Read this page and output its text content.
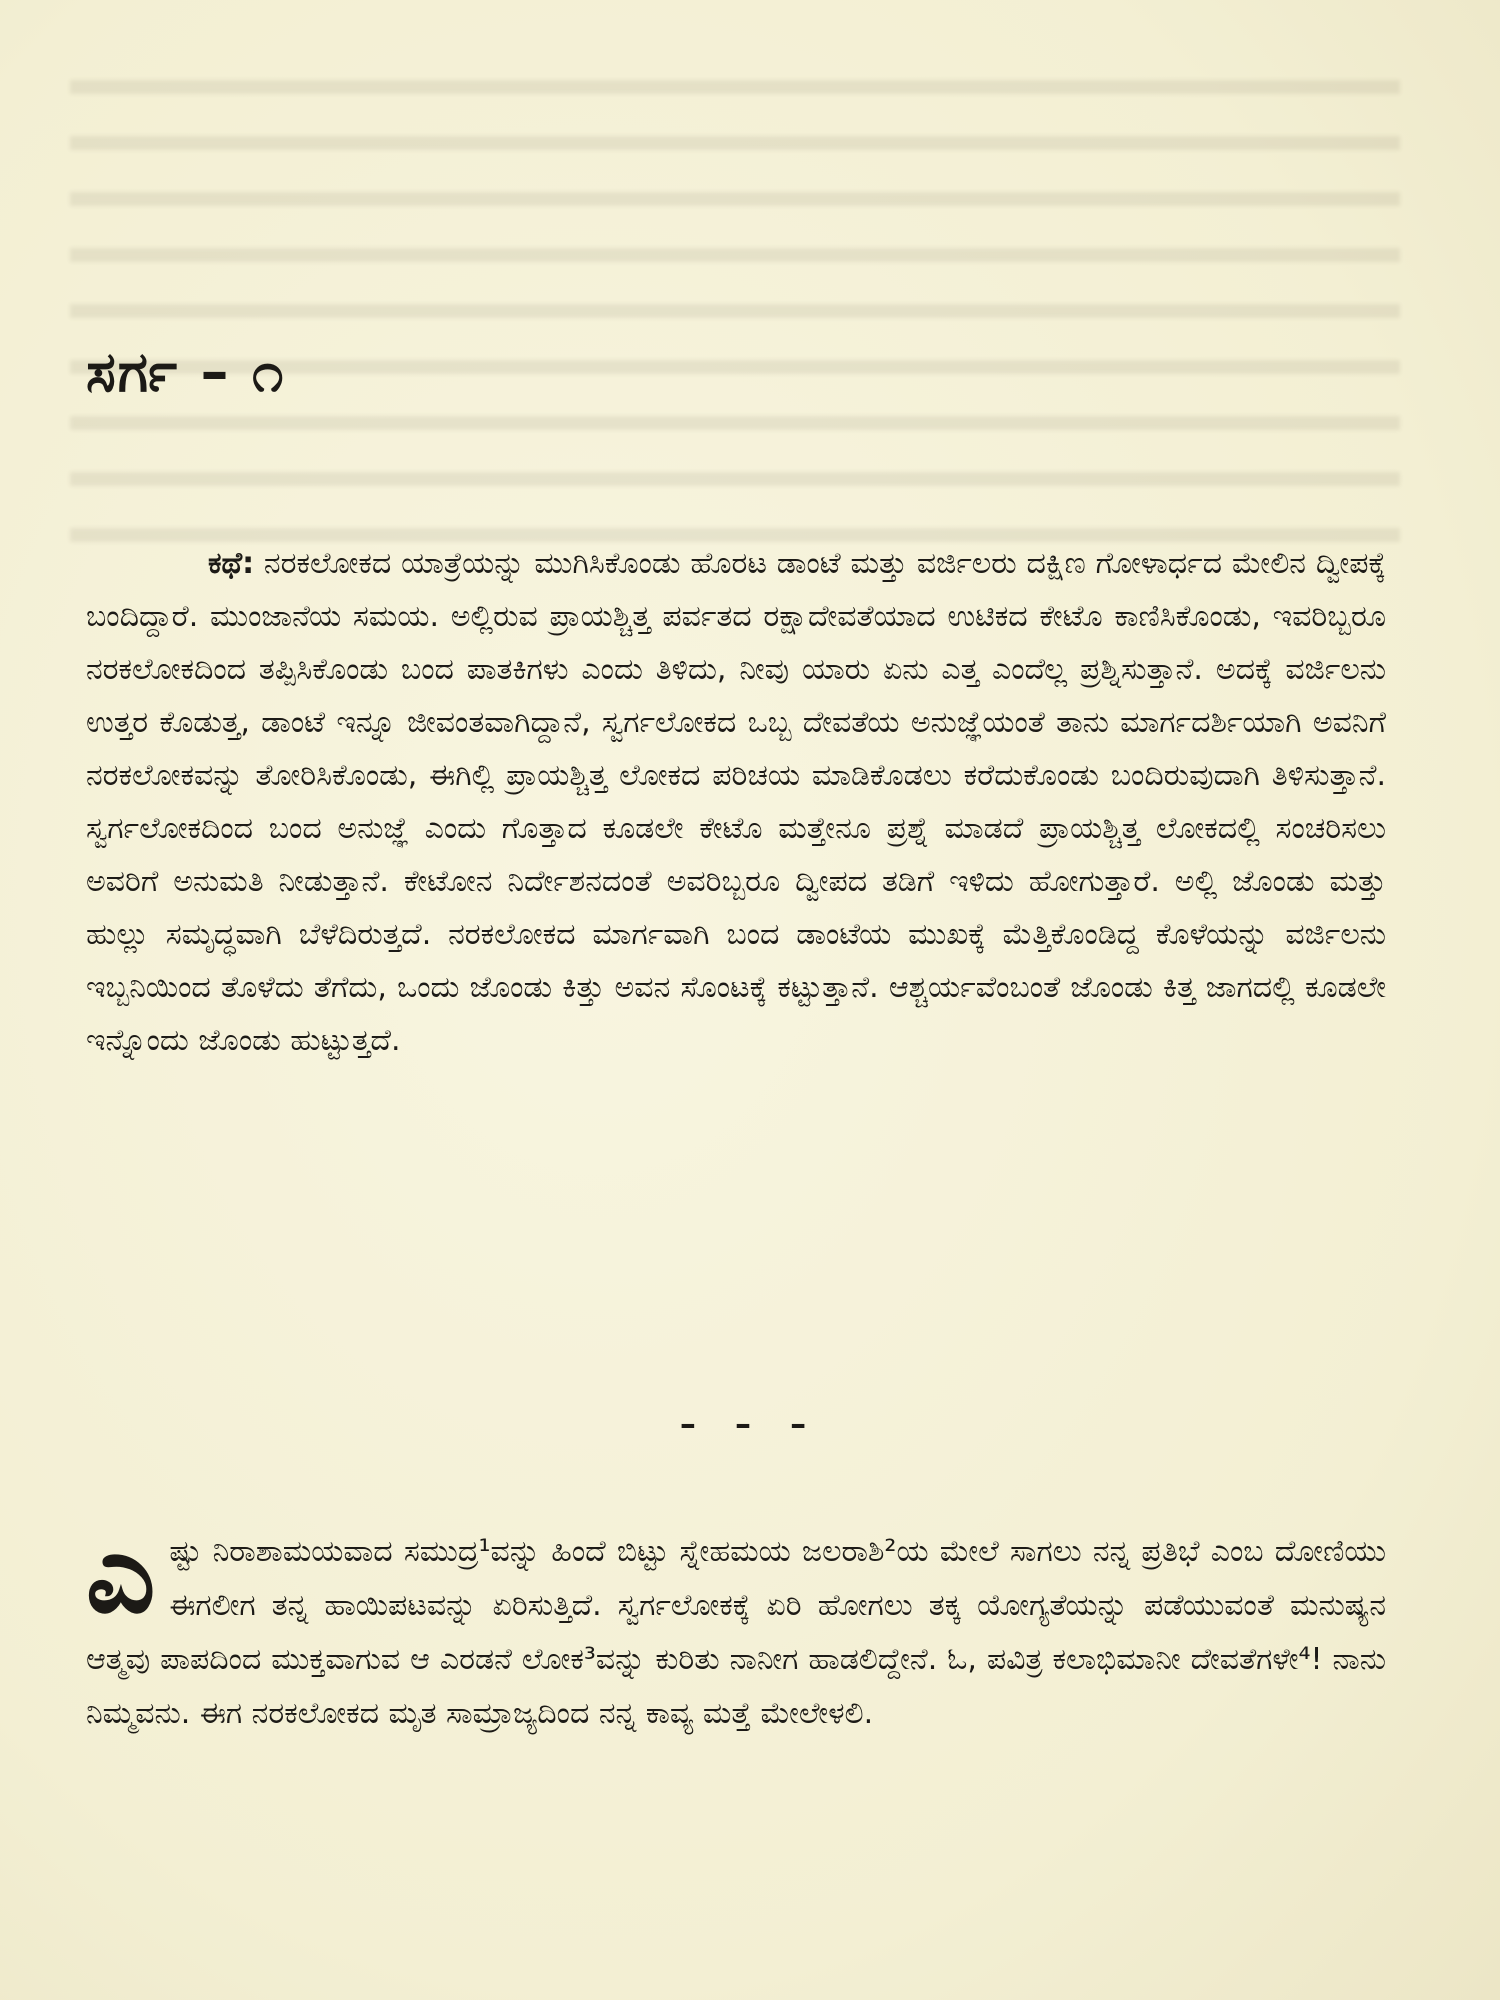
ಸರ್ಗ – ೧

ಕಥೆ: ನರಕಲೋಕದ ಯಾತ್ರೆಯನ್ನು ಮುಗಿಸಿಕೊಂಡು ಹೊರಟ ಡಾಂಟೆ ಮತ್ತು ವರ್ಜಿಲರು ದಕ್ಷಿಣ ಗೋಳಾರ್ಧದ ಮೇಲಿನ ದ್ವೀಪಕ್ಕೆ ಬಂದಿದ್ದಾರೆ. ಮುಂಜಾನೆಯ ಸಮಯ. ಅಲ್ಲಿರುವ ಪ್ರಾಯಶ್ಚಿತ್ತ ಪರ್ವತದ ರಕ್ಷಾದೇವತೆಯಾದ ಉಟಿಕದ ಕೇಟೊ ಕಾಣಿಸಿಕೊಂಡು, ಇವರಿಬ್ಬರೂ ನರಕಲೋಕದಿಂದ ತಪ್ಪಿಸಿಕೊಂಡು ಬಂದ ಪಾತಕಿಗಳು ಎಂದು ತಿಳಿದು, ನೀವು ಯಾರು ಏನು ಎತ್ತ ಎಂದೆಲ್ಲ ಪ್ರಶ್ನಿಸುತ್ತಾನೆ. ಅದಕ್ಕೆ ವರ್ಜಿಲನು ಉತ್ತರ ಕೊಡುತ್ತ, ಡಾಂಟೆ ಇನ್ನೂ ಜೀವಂತವಾಗಿದ್ದಾನೆ, ಸ್ವರ್ಗಲೋಕದ ಒಬ್ಬ ದೇವತೆಯ ಅನುಜ್ಞೆಯಂತೆ ತಾನು ಮಾರ್ಗದರ್ಶಿಯಾಗಿ ಅವನಿಗೆ ನರಕಲೋಕವನ್ನು ತೋರಿಸಿಕೊಂಡು, ಈಗಿಲ್ಲಿ ಪ್ರಾಯಶ್ಚಿತ್ತ ಲೋಕದ ಪರಿಚಯ ಮಾಡಿಕೊಡಲು ಕರೆದುಕೊಂಡು ಬಂದಿರುವುದಾಗಿ ತಿಳಿಸುತ್ತಾನೆ. ಸ್ವರ್ಗಲೋಕದಿಂದ ಬಂದ ಅನುಜ್ಞೆ ಎಂದು ಗೊತ್ತಾದ ಕೂಡಲೇ ಕೇಟೊ ಮತ್ತೇನೂ ಪ್ರಶ್ನೆ ಮಾಡದೆ ಪ್ರಾಯಶ್ಚಿತ್ತ ಲೋಕದಲ್ಲಿ ಸಂಚರಿಸಲು ಅವರಿಗೆ ಅನುಮತಿ ನೀಡುತ್ತಾನೆ. ಕೇಟೋನ ನಿರ್ದೇಶನದಂತೆ ಅವರಿಬ್ಬರೂ ದ್ವೀಪದ ತಡಿಗೆ ಇಳಿದು ಹೋಗುತ್ತಾರೆ. ಅಲ್ಲಿ ಜೊಂಡು ಮತ್ತು ಹುಲ್ಲು ಸಮೃದ್ಧವಾಗಿ ಬೆಳೆದಿರುತ್ತದೆ. ನರಕಲೋಕದ ಮಾರ್ಗವಾಗಿ ಬಂದ ಡಾಂಟೆಯ ಮುಖಕ್ಕೆ ಮೆತ್ತಿಕೊಂಡಿದ್ದ ಕೊಳೆಯನ್ನು ವರ್ಜಿಲನು ಇಬ್ಬನಿಯಿಂದ ತೊಳೆದು ತೆಗೆದು, ಒಂದು ಜೊಂಡು ಕಿತ್ತು ಅವನ ಸೊಂಟಕ್ಕೆ ಕಟ್ಟುತ್ತಾನೆ. ಆಶ್ಚರ್ಯವೆಂಬಂತೆ ಜೊಂಡು ಕಿತ್ತ ಜಾಗದಲ್ಲಿ ಕೂಡಲೇ ಇನ್ನೊಂದು ಜೊಂಡು ಹುಟ್ಟುತ್ತದೆ.

– – –

ಎಷ್ಟು ನಿರಾಶಾಮಯವಾದ ಸಮುದ್ರ¹ವನ್ನು ಹಿಂದೆ ಬಿಟ್ಟು ಸ್ನೇಹಮಯ ಜಲರಾಶಿ²ಯ ಮೇಲೆ ಸಾಗಲು ನನ್ನ ಪ್ರತಿಭೆ ಎಂಬ ದೋಣಿಯು ಈಗಲೀಗ ತನ್ನ ಹಾಯಿಪಟವನ್ನು ಏರಿಸುತ್ತಿದೆ. ಸ್ವರ್ಗಲೋಕಕ್ಕೆ ಏರಿ ಹೋಗಲು ತಕ್ಕ ಯೋಗ್ಯತೆಯನ್ನು ಪಡೆಯುವಂತೆ ಮನುಷ್ಯನ ಆತ್ಮವು ಪಾಪದಿಂದ ಮುಕ್ತವಾಗುವ ಆ ಎರಡನೆ ಲೋಕ³ವನ್ನು ಕುರಿತು ನಾನೀಗ ಹಾಡಲಿದ್ದೇನೆ. ಓ, ಪವಿತ್ರ ಕಲಾಭಿಮಾನೀ ದೇವತೆಗಳೇ⁴! ನಾನು ನಿಮ್ಮವನು. ಈಗ ನರಕಲೋಕದ ಮೃತ ಸಾಮ್ರಾಜ್ಯದಿಂದ ನನ್ನ ಕಾವ್ಯ ಮತ್ತೆ ಮೇಲೇಳಲಿ.
